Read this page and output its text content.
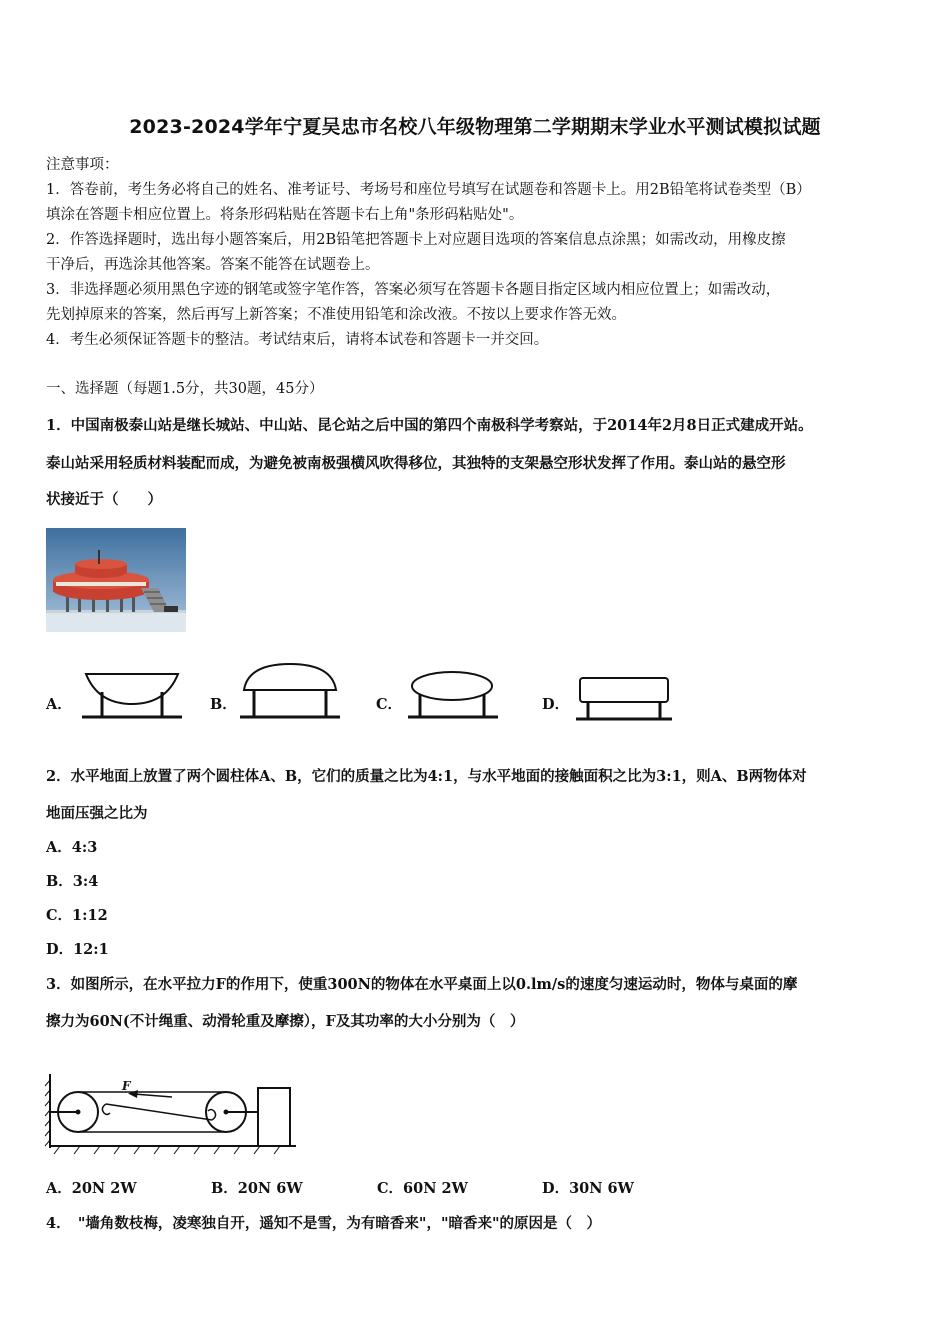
2023-2024学年宁夏吴忠市名校八年级物理第二学期期末学业水平测试模拟试题
注意事项：
1．答卷前，考生务必将自己的姓名、准考证号、考场号和座位号填写在试题卷和答题卡上。用2B铅笔将试卷类型（B）
填涂在答题卡相应位置上。将条形码粘贴在答题卡右上角"条形码粘贴处"。
2．作答选择题时，选出每小题答案后，用2B铅笔把答题卡上对应题目选项的答案信息点涂黑；如需改动，用橡皮擦
干净后，再选涂其他答案。答案不能答在试题卷上。
3．非选择题必须用黑色字迹的钢笔或签字笔作答，答案必须写在答题卡各题目指定区域内相应位置上；如需改动，
先划掉原来的答案，然后再写上新答案；不准使用铅笔和涂改液。不按以上要求作答无效。
4．考生必须保证答题卡的整洁。考试结束后，请将本试卷和答题卡一并交回。
一、选择题（每题1.5分，共30题，45分）
1．中国南极泰山站是继长城站、中山站、昆仑站之后中国的第四个南极科学考察站，于2014年2月8日正式建成开站。
泰山站采用轻质材料装配而成，为避免被南极强横风吹得移位，其独特的支架悬空形状发挥了作用。泰山站的悬空形
状接近于（　　）
A．	B．	C．	D．
2．水平地面上放置了两个圆柱体A、B，它们的质量之比为4:1，与水平地面的接触面积之比为3:1，则A、B两物体对
地面压强之比为
A．4:3
B．3:4
C．1:12
D．12:1
3．如图所示，在水平拉力F的作用下，使重300N的物体在水平桌面上以0.lm/s的速度匀速运动时，物体与桌面的摩
擦力为60N(不计绳重、动滑轮重及摩擦），F及其功率的大小分别为（　）
F
A．20N 2W	B．20N 6W	C．60N 2W	D．30N 6W
4．　"墙角数枝梅，凌寒独自开，遥知不是雪，为有暗香来"，"暗香来"的原因是（　）
